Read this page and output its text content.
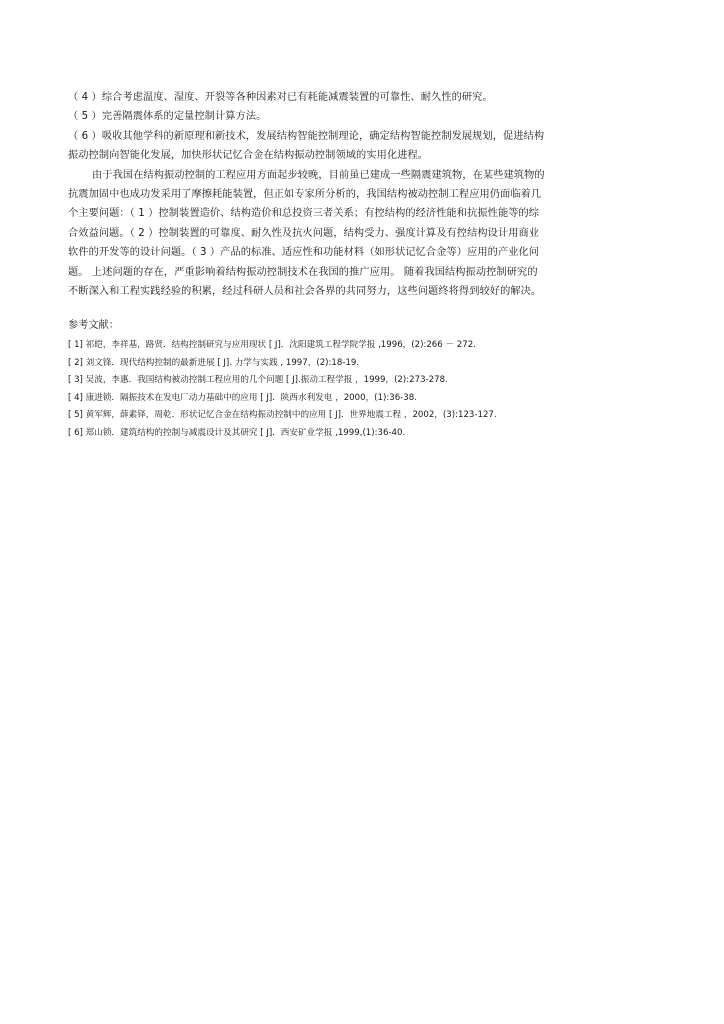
（ 4 ）综合考虑温度、湿度、开裂等各种因素对已有耗能减震装置的可靠性、耐久性的研究。
（ 5 ）完善隔震体系的定量控制计算方法。
（ 6 ）吸收其他学科的新原理和新技术，发展结构智能控制理论，确定结构智能控制发展规划，促进结构
振动控制向智能化发展，加快形状记忆合金在结构振动控制领域的实用化进程。
由于我国在结构振动控制的工程应用方面起步较晚，目前虽已建成一些隔震建筑物，在某些建筑物的
抗震加固中也成功发采用了摩擦耗能装置，但正如专家所分析的，我国结构被动控制工程应用仍面临着几
个主要问题：（ 1 ）控制装置造价、结构造价和总投资三者关系；有控结构的经济性能和抗振性能等的综
合效益问题。（ 2 ）控制装置的可靠度、耐久性及抗火问题，结构受力、强度计算及有控结构设计用商业
软件的开发等的设计问题。（ 3 ）产品的标准、适应性和功能材料（如形状记忆合金等）应用的产业化问
题。 上述问题的存在，严重影响着结构振动控制技术在我国的推广应用。 随着我国结构振动控制研究的
不断深入和工程实践经验的积累，经过科研人员和社会各界的共同努力，这些问题终将得到较好的解决。
参考文献：
[ 1] 祁皑，李祥基，路贤．结构控制研究与应用现状 [ J]．沈阳建筑工程学院学报 ,1996，(2):266 － 272.
[ 2] 刘文锋．现代结构控制的最新进展 [ J]. 力学与实践 , 1997，(2):18-19.
[ 3] 吴波，李惠．我国结构被动控制工程应用的几个问题 [ J].振动工程学报 ，1999，(2):273-278.
[ 4] 康进锁．隔振技术在发电厂动力基础中的应用 [ J]．陕西水利发电 ，2000，(1):36-38.
[ 5] 黄军辉，薛素铎，周乾．形状记忆合金在结构振动控制中的应用 [ J]．世界地震工程 ，2002，(3):123-127.
[ 6] 郑山锁．建筑结构的控制与减震设计及其研究 [ J]．西安矿业学报 ,1999,(1):36-40.
